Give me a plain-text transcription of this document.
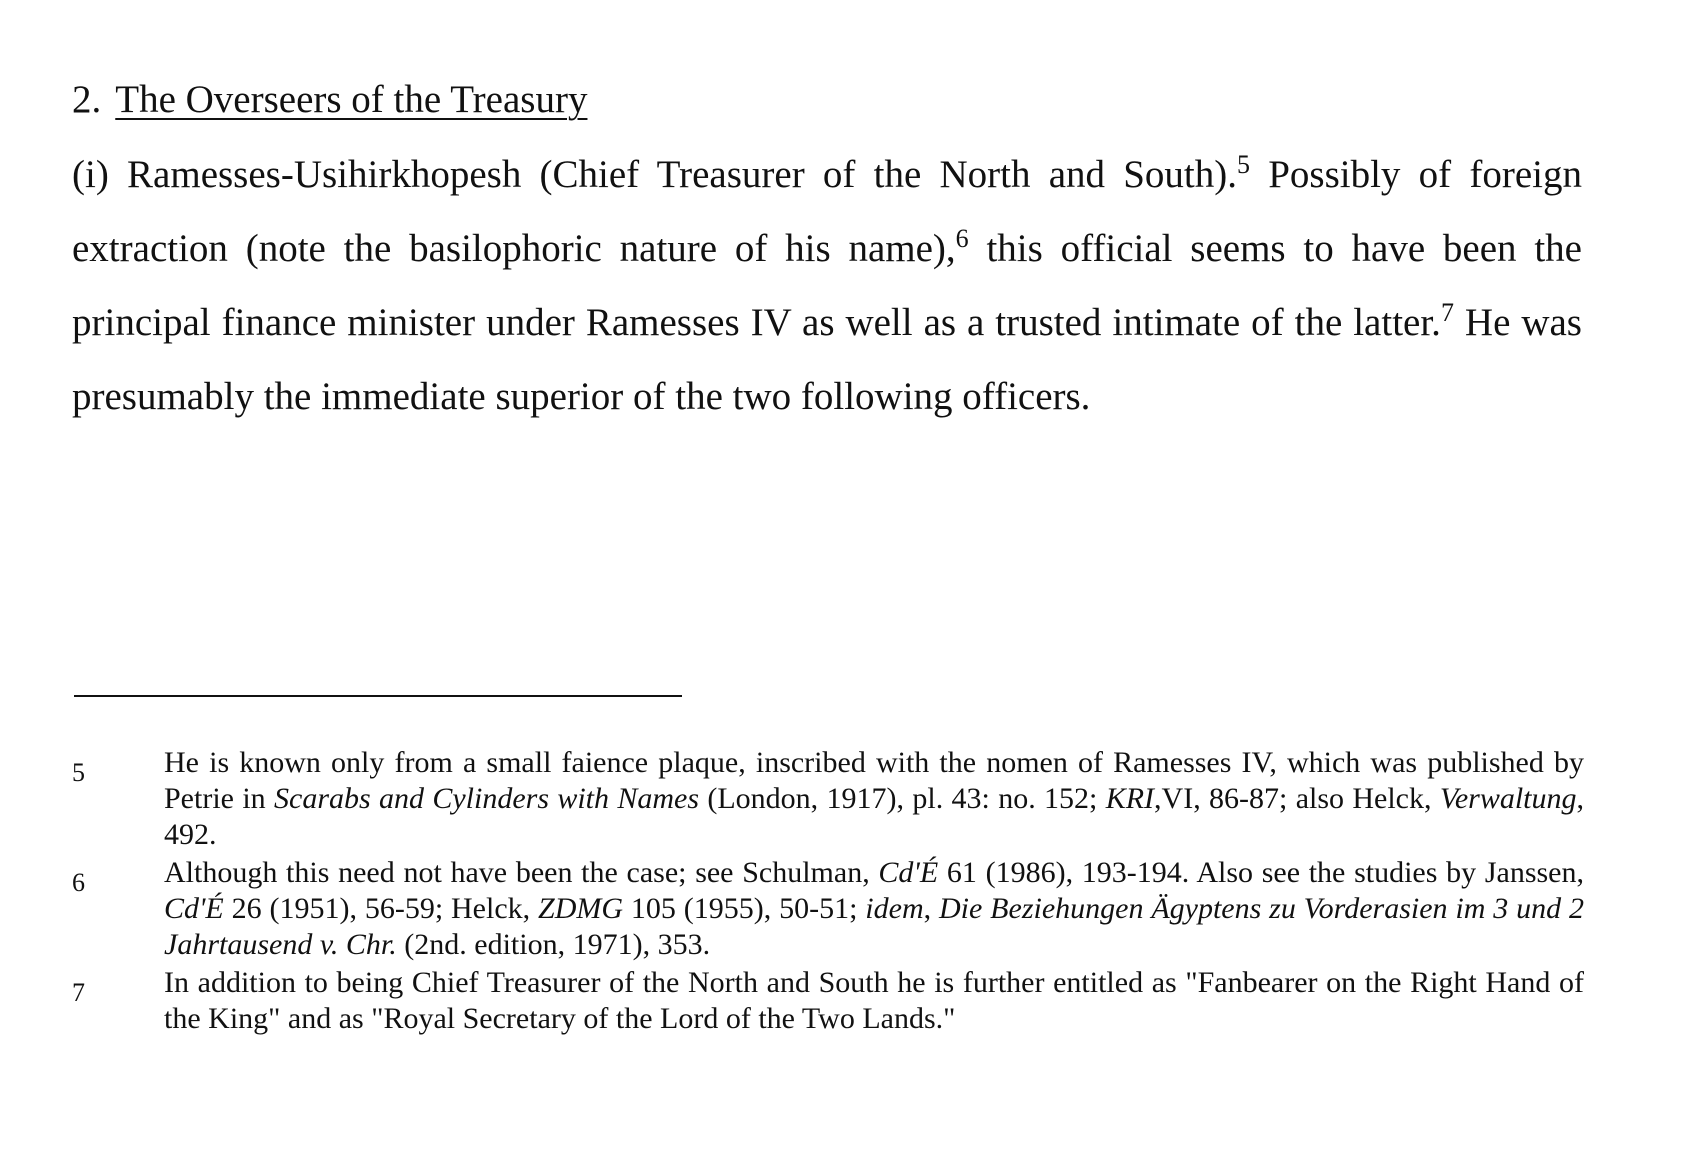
2. The Overseers of the Treasury
(i) Ramesses-Usihirkhopesh (Chief Treasurer of the North and South).$^5$ Possibly of foreign extraction (note the basilophoric nature of his name),$^6$ this official seems to have been the principal finance minister under Ramesses IV as well as a trusted intimate of the latter.$^7$ He was presumably the immediate superior of the two following officers.
5	He is known only from a small faience plaque, inscribed with the nomen of Ramesses IV, which was published by Petrie in Scarabs and Cylinders with Names (London, 1917), pl. 43: no. 152; KRI,VI, 86-87; also Helck, Verwaltung, 492.
6	Although this need not have been the case; see Schulman, Cd'É 61 (1986), 193-194. Also see the studies by Janssen, Cd'É 26 (1951), 56-59; Helck, ZDMG 105 (1955), 50-51; idem, Die Beziehungen Ägyptens zu Vorderasien im 3 und 2 Jahrtausend v. Chr. (2nd. edition, 1971), 353.
7	In addition to being Chief Treasurer of the North and South he is further entitled as "Fanbearer on the Right Hand of the King" and as "Royal Secretary of the Lord of the Two Lands."
